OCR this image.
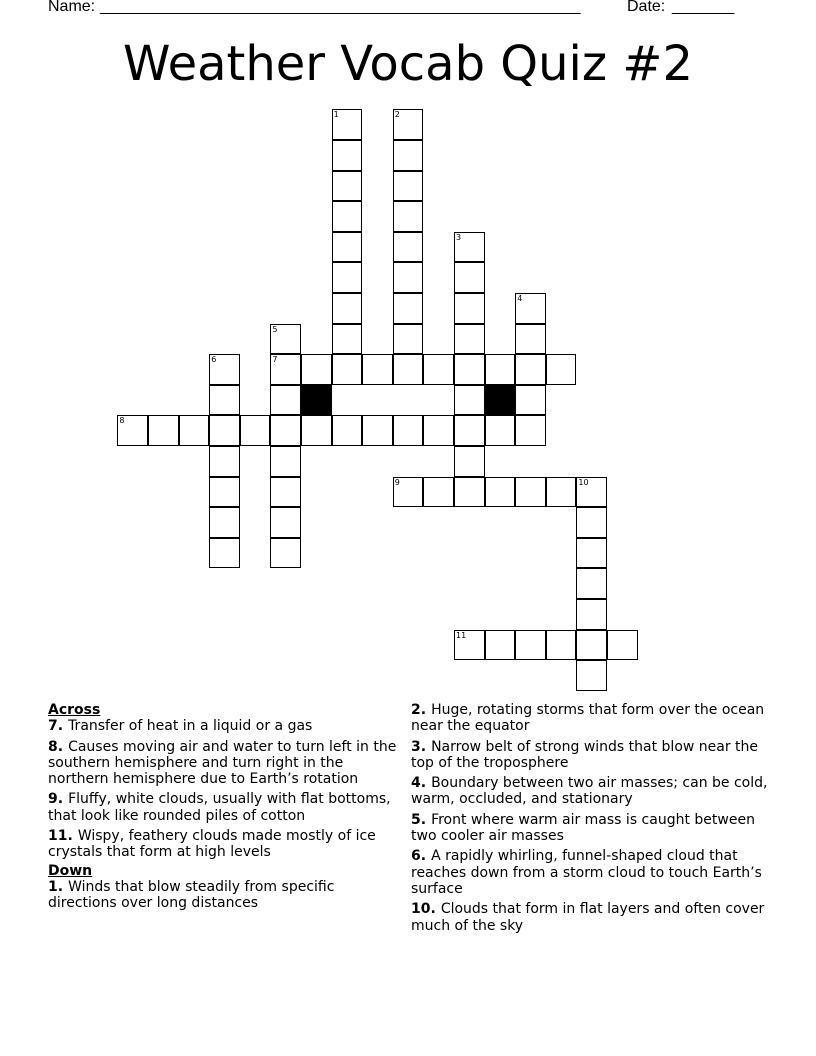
Name: ______________________________________________________	Date: _______
Weather Vocab Quiz #2
1	2
3
4
5
7
6
8
9	10
11
Across
7. Transfer of heat in a liquid or a gas
8. Causes moving air and water to turn left in the southern hemisphere and turn right in the northern hemisphere due to Earth’s rotation
9. Fluffy, white clouds, usually with flat bottoms, that look like rounded piles of cotton
11. Wispy, feathery clouds made mostly of ice crystals that form at high levels
Down
1. Winds that blow steadily from specific directions over long distances
2. Huge, rotating storms that form over the ocean near the equator
3. Narrow belt of strong winds that blow near the top of the troposphere
4. Boundary between two air masses; can be cold, warm, occluded, and stationary
5. Front where warm air mass is caught between two cooler air masses
6. A rapidly whirling, funnel-shaped cloud that reaches down from a storm cloud to touch Earth’s surface
10. Clouds that form in flat layers and often cover much of the sky
